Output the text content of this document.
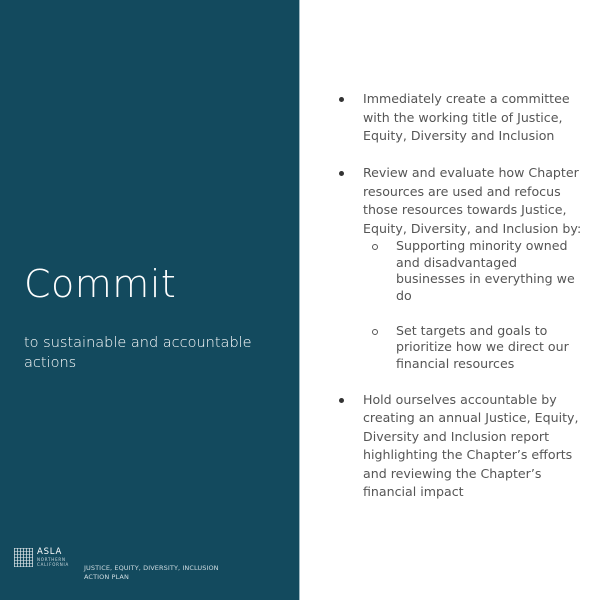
Commit
to sustainable and accountable actions
ASLA
NORTHERN
CALIFORNIA JUSTICE, EQUITY, DIVERSITY, INCLUSION ACTION PLAN
Immediately create a committee with the working title of Justice, Equity, Diversity and Inclusion
Review and evaluate how Chapter resources are used and refocus those resources towards Justice, Equity, Diversity, and Inclusion by:
Supporting minority owned and disadvantaged businesses in everything we do
Set targets and goals to prioritize how we direct our financial resources
Hold ourselves accountable by creating an annual Justice, Equity, Diversity and Inclusion report highlighting the Chapter’s efforts and reviewing the Chapter’s financial impact
